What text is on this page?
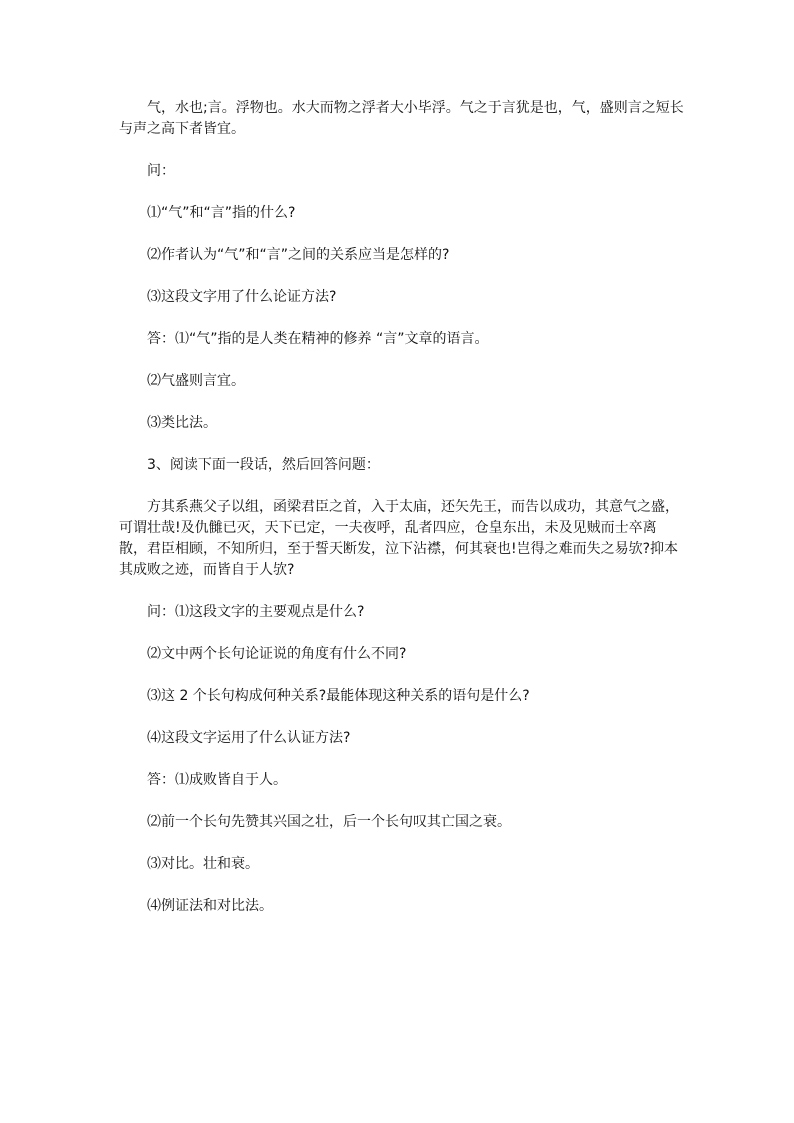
气，水也;言。浮物也。水大而物之浮者大小毕浮。气之于言犹是也，气，盛则言之短长与声之高下者皆宜。

问：

⑴“气”和“言”指的什么?

⑵作者认为“气”和“言”之间的关系应当是怎样的?

⑶这段文字用了什么论证方法?

答：⑴“气”指的是人类在精神的修养 “言”文章的语言。

⑵气盛则言宜。

⑶类比法。

3、阅读下面一段话，然后回答问题：

方其系燕父子以组，函梁君臣之首，入于太庙，还矢先王，而告以成功，其意气之盛，可谓壮哉!及仇雠已灭，天下已定，一夫夜呼，乱者四应，仓皇东出，未及见贼而士卒离散，君臣相顾，不知所归，至于誓天断发，泣下沾襟，何其衰也!岂得之难而失之易欤?抑本其成败之迹，而皆自于人欤?

问：⑴这段文字的主要观点是什么?

⑵文中两个长句论证说的角度有什么不同?

⑶这 2 个长句构成何种关系?最能体现这种关系的语句是什么?

⑷这段文字运用了什么认证方法?

答：⑴成败皆自于人。

⑵前一个长句先赞其兴国之壮，后一个长句叹其亡国之衰。

⑶对比。壮和衰。

⑷例证法和对比法。
